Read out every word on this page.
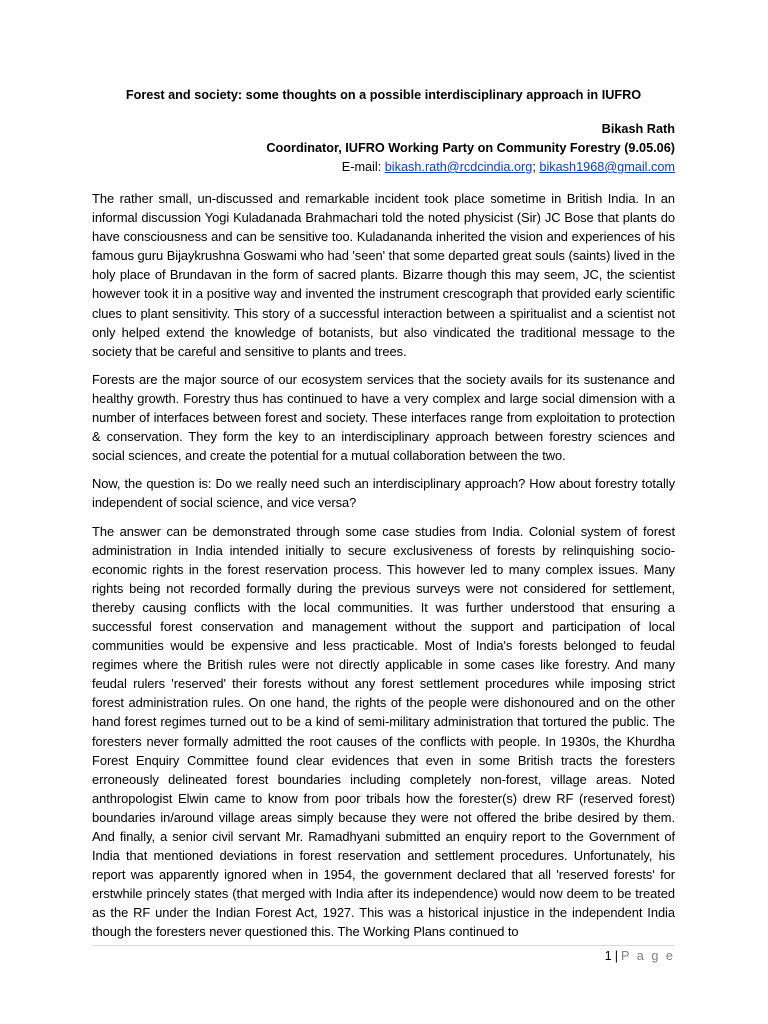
Forest and society: some thoughts on a possible interdisciplinary approach in IUFRO
Bikash Rath
Coordinator, IUFRO Working Party on Community Forestry (9.05.06)
E-mail: bikash.rath@rcdcindia.org; bikash1968@gmail.com

The rather small, un-discussed and remarkable incident took place sometime in British India. In an informal discussion Yogi Kuladanada Brahmachari told the noted physicist (Sir) JC Bose that plants do have consciousness and can be sensitive too. Kuladananda inherited the vision and experiences of his famous guru Bijaykrushna Goswami who had 'seen' that some departed great souls (saints) lived in the holy place of Brundavan in the form of sacred plants. Bizarre though this may seem, JC, the scientist however took it in a positive way and invented the instrument crescograph that provided early scientific clues to plant sensitivity. This story of a successful interaction between a spiritualist and a scientist not only helped extend the knowledge of botanists, but also vindicated the traditional message to the society that be careful and sensitive to plants and trees.

Forests are the major source of our ecosystem services that the society avails for its sustenance and healthy growth. Forestry thus has continued to have a very complex and large social dimension with a number of interfaces between forest and society. These interfaces range from exploitation to protection & conservation. They form the key to an interdisciplinary approach between forestry sciences and social sciences, and create the potential for a mutual collaboration between the two.

Now, the question is: Do we really need such an interdisciplinary approach? How about forestry totally independent of social science, and vice versa?

The answer can be demonstrated through some case studies from India. Colonial system of forest administration in India intended initially to secure exclusiveness of forests by relinquishing socio-economic rights in the forest reservation process. This however led to many complex issues. Many rights being not recorded formally during the previous surveys were not considered for settlement, thereby causing conflicts with the local communities. It was further understood that ensuring a successful forest conservation and management without the support and participation of local communities would be expensive and less practicable. Most of India's forests belonged to feudal regimes where the British rules were not directly applicable in some cases like forestry. And many feudal rulers 'reserved' their forests without any forest settlement procedures while imposing strict forest administration rules. On one hand, the rights of the people were dishonoured and on the other hand forest regimes turned out to be a kind of semi-military administration that tortured the public. The foresters never formally admitted the root causes of the conflicts with people. In 1930s, the Khurdha Forest Enquiry Committee found clear evidences that even in some British tracts the foresters erroneously delineated forest boundaries including completely non-forest, village areas. Noted anthropologist Elwin came to know from poor tribals how the forester(s) drew RF (reserved forest) boundaries in/around village areas simply because they were not offered the bribe desired by them. And finally, a senior civil servant Mr. Ramadhyani submitted an enquiry report to the Government of India that mentioned deviations in forest reservation and settlement procedures. Unfortunately, his report was apparently ignored when in 1954, the government declared that all 'reserved forests' for erstwhile princely states (that merged with India after its independence) would now deem to be treated as the RF under the Indian Forest Act, 1927. This was a historical injustice in the independent India though the foresters never questioned this. The Working Plans continued to

1 | P a g e
